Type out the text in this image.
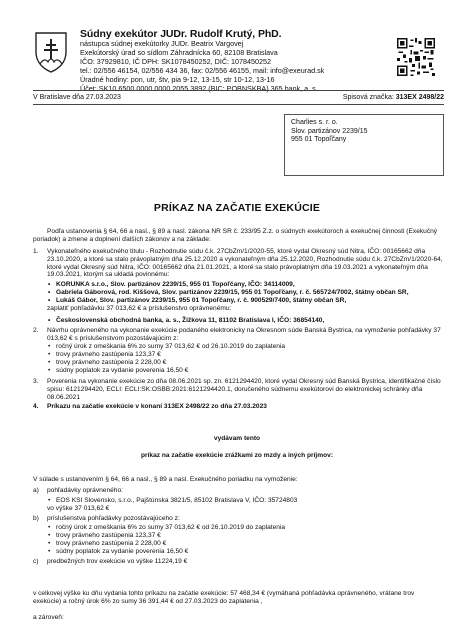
Súdny exekútor JUDr. Rudolf Krutý, PhD.
nástupca súdnej exekútorky JUDr. Beatrix Vargovej
Exekútorský úrad so sídlom Záhradnícka 60, 82108 Bratislava
IČO: 37929810, IČ DPH: SK1078450252, DIČ: 1078450252
tel.: 02/556 46154, 02/556 434 36, fax: 02/556 46155, mail: info@exeurad.sk
Úradné hodiny: pon, utr, štv, pia 9-12, 13-15, str 10-12, 13-16
Účet: SK10 6500 0000 0000 2055 3892 (BIC: POBNSKBA) 365.bank, a. s.
V Bratislave dňa 27.03.2023	Spisová značka: 313EX 2498/22
Charlies s. r. o.
Slov. partizánov 2239/15
955 01 Topoľčany
PRÍKAZ NA ZAČATIE EXEKÚCIE
Podľa ustanovenia § 64, 66 a nasl., § 89 a nasl. zákona NR SR č. 233/95 Z.z. o súdnych exekútoroch a exekučnej činnosti (Exekučný poriadok) a zmene a doplnení ďalších zákonov a na základe:
1.	Vykonateľného exekučného titulu - Rozhodnutie súdu č.k. 27CbZm/1/2020-55, ktoré vydal Okresný súd Nitra, IČO: 00165662 dňa 23.10.2020, a ktoré sa stalo právoplatným dňa 25.12.2020 a vykonateľným dňa 25.12.2020, Rozhodnutie súdu č.k. 27CbZm/1/2020-64, ktoré vydal Okresný súd Nitra, IČO: 00165662 dňa 21.01.2021, a ktoré sa stalo právoplatným dňa 19.03.2021 a vykonateľným dňa 19.03.2021, ktorým sa ukladá povinnému:
• KORUNKA s.r.o., Slov. partizánov 2239/15, 955 01 Topoľčany, IČO: 34114009,
• Gabriela Gáborová, rod. Kiššová, Slov. partizánov 2239/15, 955 01 Topoľčany, r. č. 565724/7002, štátny občan SR,
• Lukáš Gábor, Slov. partizánov 2239/15, 955 01 Topoľčany, r. č. 900529/7400, štátny občan SR,
zaplatiť pohľadávku 37 013,62 € a príslušenstvo oprávnenému:
• Československá obchodná banka, a. s., Žižkova 11, 81102 Bratislava I, IČO: 36854140,
2.	Návrhu oprávneného na vykonanie exekúcie podaného elektronicky na Okresnom súde Banská Bystrica, na vymoženie pohľadávky 37 013,62 € s príslušenstvom pozostávajúcim z:
• ročný úrok z omeškania 6% zo sumy 37 013,62 € od 26.10.2019 do zaplatenia
• trovy právneho zastúpenia 123,37 €
• trovy právneho zastúpenia 2 228,00 €
• súdny poplatok za vydanie poverenia 16,50 €
3.	Poverenia na vykonanie exekúcie zo dňa 08.06.2021 sp. zn. 6121294420, ktoré vydal Okresný súd Banská Bystrica, identifikačné číslo spisu: 6121294420, ECLI: ECLI:SK:OSBB:2021:6121294420.1, doručeného súdnemu exekútorovi do elektronickej schránky dňa 08.06.2021
4.	Príkazu na začatie exekúcie v konaní 313EX 2498/22 zo dňa 27.03.2023
vydávam tento
príkaz na začatie exekúcie zrážkami zo mzdy a iných príjmov:
V súlade s ustanovením § 64, 66 a nasl., § 89 a nasl. Exekučného poriadku na vymoženie:
a)	pohľadávky oprávneného:
• EOS KSI Slovensko, s.r.o., Pajštúnska 3821/5, 85102 Bratislava V, IČO: 35724803
vo výške 37 013,62 €
b)	príslušenstva pohľadávky pozostávajúceho z:
• ročný úrok z omeškania 6% zo sumy 37 013,62 € od 26.10.2019 do zaplatenia
• trovy právneho zastúpenia 123,37 €
• trovy právneho zastúpenia 2 228,00 €
• súdny poplatok za vydanie poverenia 16,50 €
c)	predbežných trov exekúcie vo výške 11224,19 €
v celkovej výške ku dňu vydania tohto príkazu na začatie exekúcie: 57 468,34 € (vymáhaná pohľadávka oprávneného, vrátane trov exekúcie) a ročný úrok 6% zo sumy 36 391,44 € od 27.03.2023 do zaplatenia ,
a zároveň:
